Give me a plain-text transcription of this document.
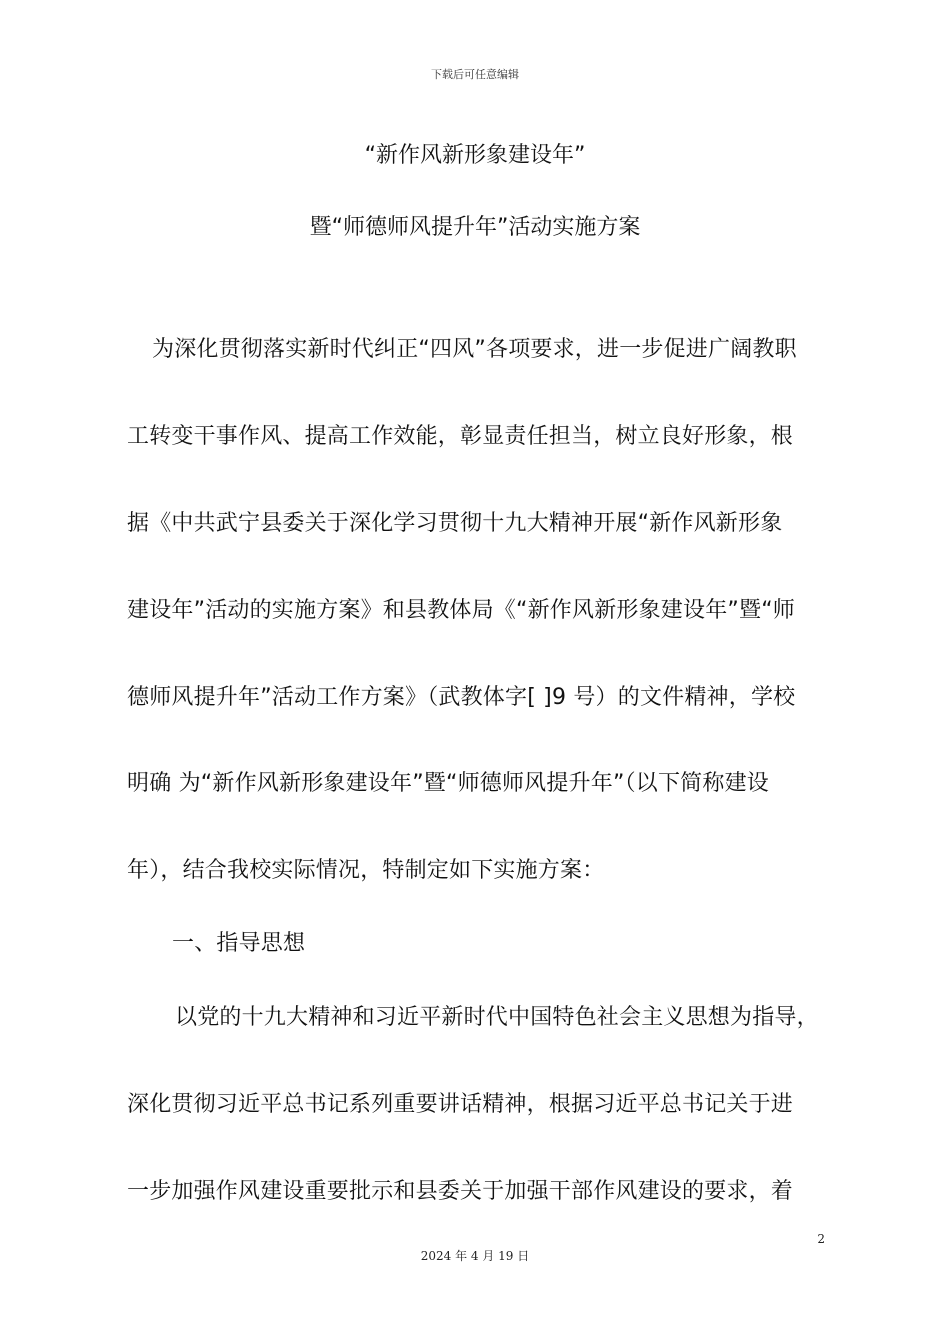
下载后可任意编辑
“新作风新形象建设年”
暨“师德师风提升年”活动实施方案
为深化贯彻落实新时代纠正“四风”各项要求，进一步促进广阔教职
工转变干事作风、提高工作效能，彰显责任担当，树立良好形象，根
据《中共武宁县委关于深化学习贯彻十九大精神开展“新作风新形象
建设年”活动的实施方案》和县教体局《“新作风新形象建设年”暨“师
德师风提升年”活动工作方案》（武教体字[ ]9 号）的文件精神，学校
明确 为“新作风新形象建设年”暨“师德师风提升年”（以下简称建设
年），结合我校实际情况，特制定如下实施方案：
一、指导思想
以党的十九大精神和习近平新时代中国特色社会主义思想为指导，
深化贯彻习近平总书记系列重要讲话精神，根据习近平总书记关于进
一步加强作风建设重要批示和县委关于加强干部作风建设的要求，着
2
2024 年 4 月 19 日
